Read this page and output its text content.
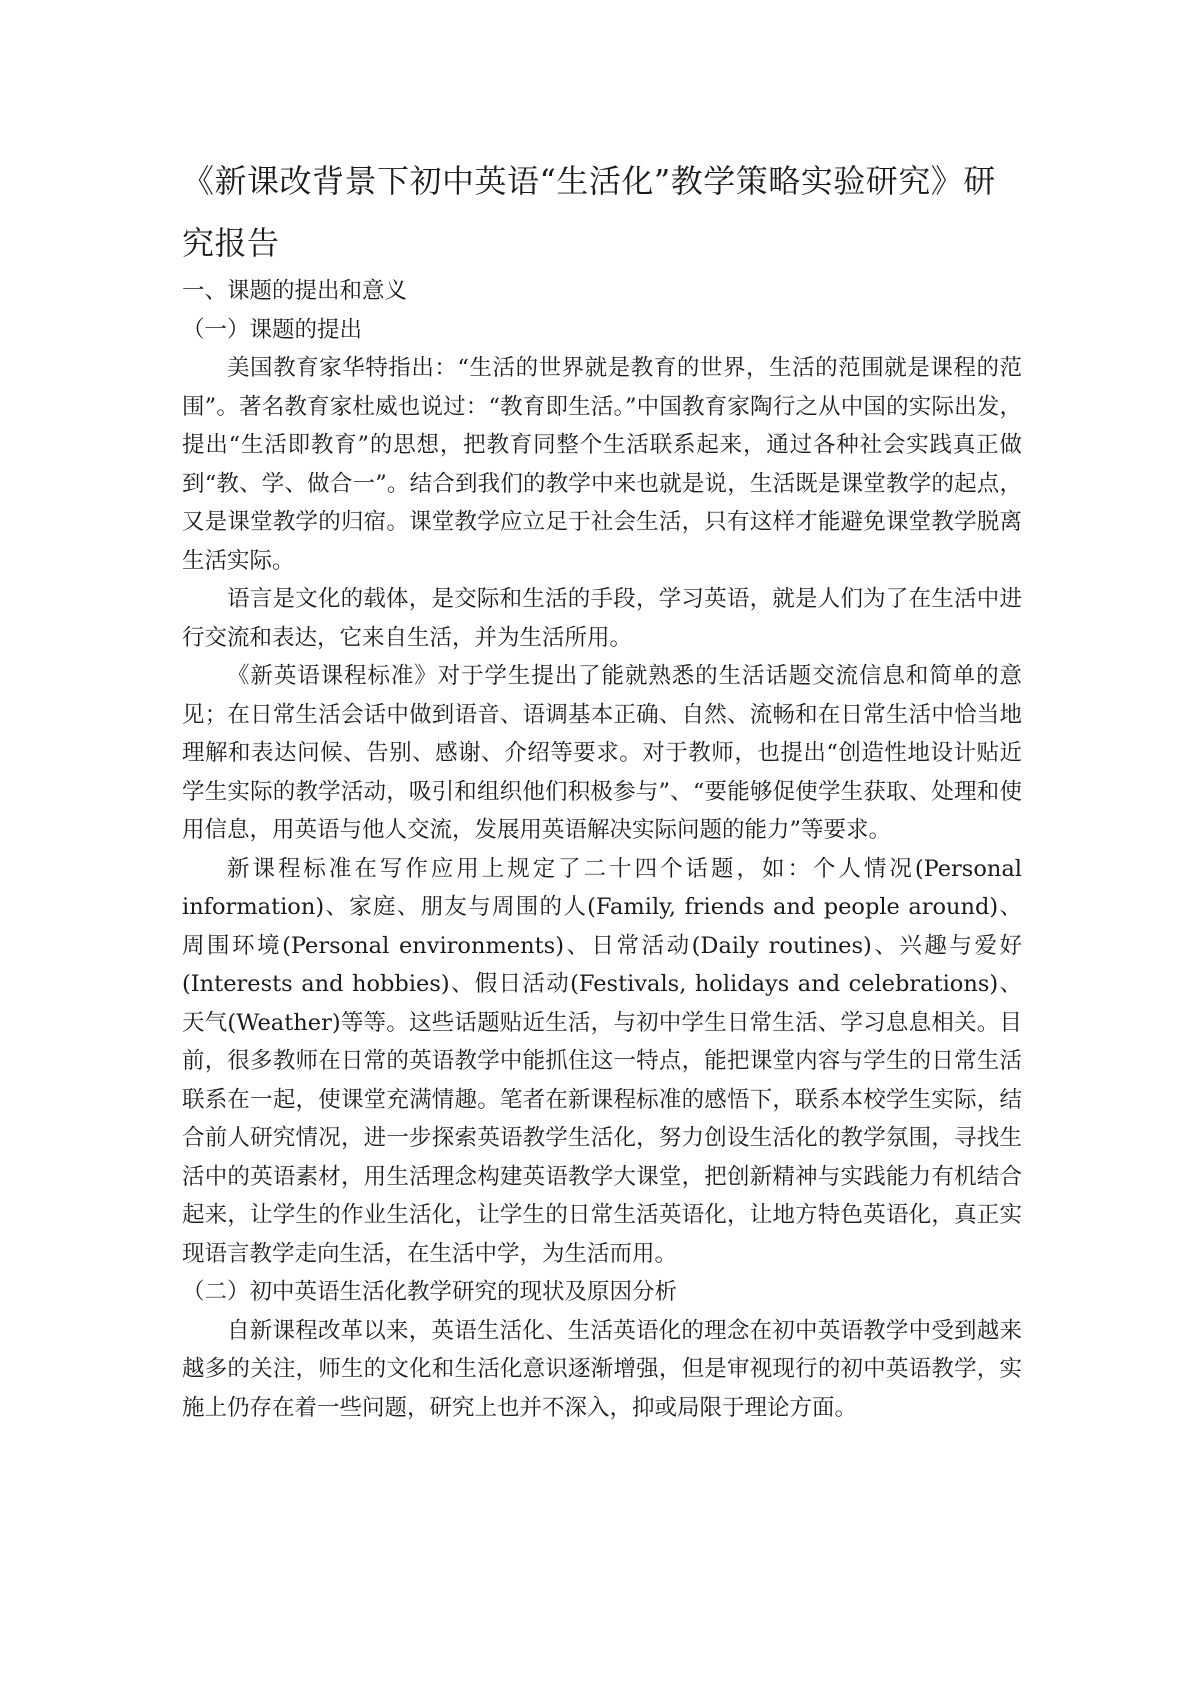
《新课改背景下初中英语“生活化”教学策略实验研究》研究报告

一、课题的提出和意义

（一）课题的提出

美国教育家华特指出：“生活的世界就是教育的世界，生活的范围就是课程的范围”。著名教育家杜威也说过：“教育即生活。”中国教育家陶行之从中国的实际出发，提出“生活即教育”的思想，把教育同整个生活联系起来，通过各种社会实践真正做到“教、学、做合一”。结合到我们的教学中来也就是说，生活既是课堂教学的起点，又是课堂教学的归宿。课堂教学应立足于社会生活，只有这样才能避免课堂教学脱离生活实际。

语言是文化的载体，是交际和生活的手段，学习英语，就是人们为了在生活中进行交流和表达，它来自生活，并为生活所用。

《新英语课程标准》对于学生提出了能就熟悉的生活话题交流信息和简单的意见；在日常生活会话中做到语音、语调基本正确、自然、流畅和在日常生活中恰当地理解和表达问候、告别、感谢、介绍等要求。对于教师，也提出“创造性地设计贴近学生实际的教学活动，吸引和组织他们积极参与”、“要能够促使学生获取、处理和使用信息，用英语与他人交流，发展用英语解决实际问题的能力”等要求。

新课程标准在写作应用上规定了二十四个话题，如：个人情况(Personal information)、家庭、朋友与周围的人(Family, friends and people around)、周围环境(Personal environments)、日常活动(Daily routines)、兴趣与爱好(Interests and hobbies)、假日活动(Festivals, holidays and celebrations)、天气(Weather)等等。这些话题贴近生活，与初中学生日常生活、学习息息相关。目前，很多教师在日常的英语教学中能抓住这一特点，能把课堂内容与学生的日常生活联系在一起，使课堂充满情趣。笔者在新课程标准的感悟下，联系本校学生实际，结合前人研究情况，进一步探索英语教学生活化，努力创设生活化的教学氛围，寻找生活中的英语素材，用生活理念构建英语教学大课堂，把创新精神与实践能力有机结合起来，让学生的作业生活化，让学生的日常生活英语化，让地方特色英语化，真正实现语言教学走向生活，在生活中学，为生活而用。

（二）初中英语生活化教学研究的现状及原因分析

自新课程改革以来，英语生活化、生活英语化的理念在初中英语教学中受到越来越多的关注，师生的文化和生活化意识逐渐增强，但是审视现行的初中英语教学，实施上仍存在着一些问题，研究上也并不深入，抑或局限于理论方面。
